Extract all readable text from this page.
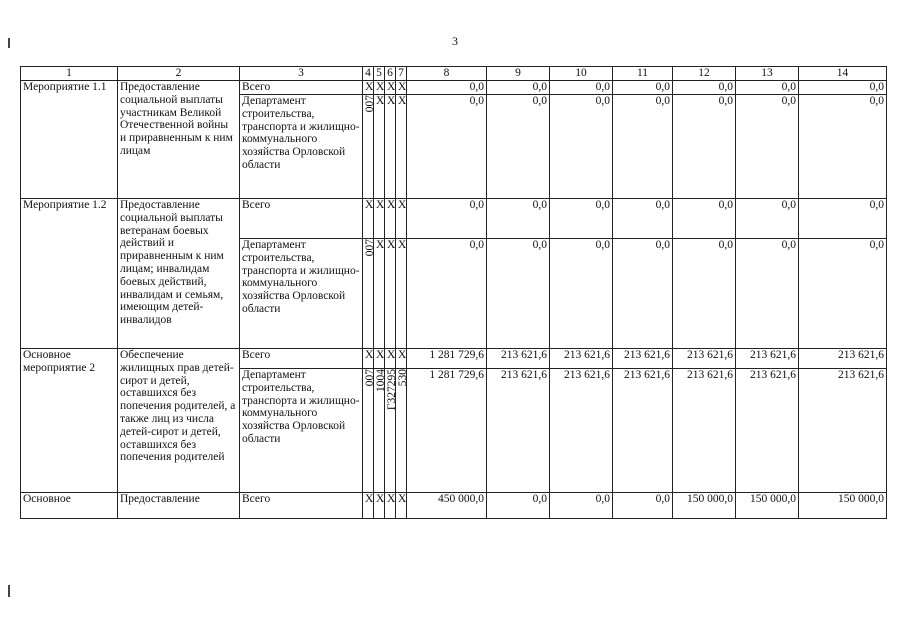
3
1	2	3	4	5	6	7	8	9	10	11	12	13	14
Мероприятие 1.1	Предоставление социальной выплаты участникам Великой Отечественной войны и приравненным к ним лицам	Всего	Х	Х	Х	Х	0,0	0,0	0,0	0,0	0,0	0,0	0,0
		Департамент строительства, транспорта и жилищно-коммунального хозяйства Орловской области	007	Х	Х	Х	0,0	0,0	0,0	0,0	0,0	0,0	0,0
Мероприятие 1.2	Предоставление социальной выплаты ветеранам боевых действий и приравненным к ним лицам; инвалидам боевых действий, инвалидам и семьям, имеющим детей-инвалидов	Всего	Х	Х	Х	Х	0,0	0,0	0,0	0,0	0,0	0,0	0,0
		Департамент строительства, транспорта и жилищно-коммунального хозяйства Орловской области	007	Х	Х	Х	0,0	0,0	0,0	0,0	0,0	0,0	0,0
Основное мероприятие 2	Обеспечение жилищных прав детей-сирот и детей, оставшихся без попечения родителей, а также лиц из числа детей-сирот и детей, оставшихся без попечения родителей	Всего	Х	Х	Х	Х	1 281 729,6	213 621,6	213 621,6	213 621,6	213 621,6	213 621,6	213 621,6
		Департамент строительства, транспорта и жилищно-коммунального хозяйства Орловской области	007	1004	Г327295	530	1 281 729,6	213 621,6	213 621,6	213 621,6	213 621,6	213 621,6	213 621,6
Основное	Предоставление	Всего	Х	Х	Х	Х	450 000,0	0,0	0,0	0,0	150 000,0	150 000,0	150 000,0
